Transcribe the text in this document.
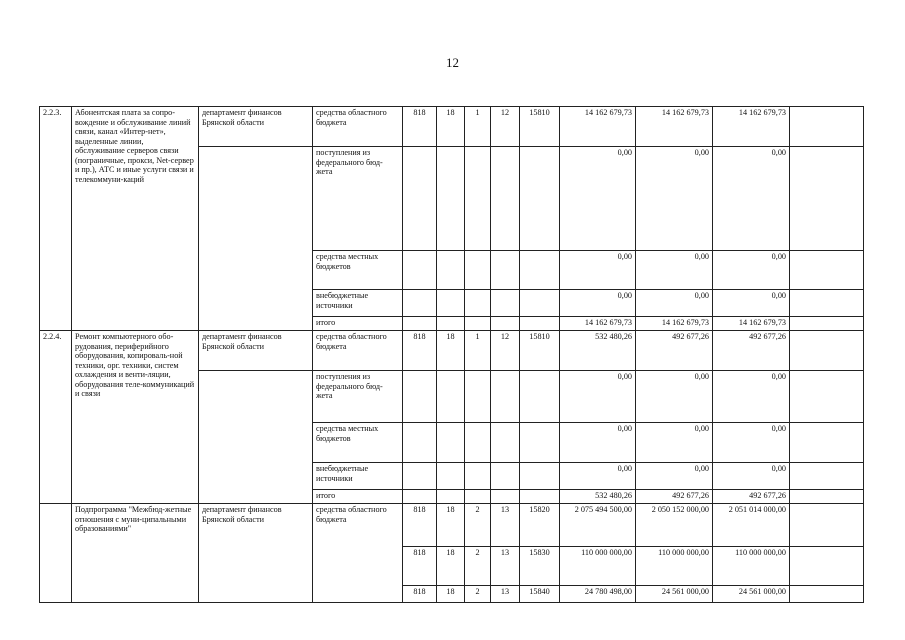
12
2.2.3.	Абонентская плата за сопро-вождение и обслуживание линий связи, канал «Интер-нет», выделенные линии, обслуживание серверов связи (пограничные, прокси, Net-сервер и пр.), АТС и иные услуги связи и телекоммуни-каций	департамент финансов Брянской области	средства областного бюджета	818	18	1	12	15810	14 162 679,73	14 162 679,73	14 162 679,73	
			поступления из федерального бюд-жета						0,00	0,00	0,00	
			средства местных бюджетов						0,00	0,00	0,00	
			внебюджетные источники						0,00	0,00	0,00	
			итого						14 162 679,73	14 162 679,73	14 162 679,73	
2.2.4.	Ремонт компьютерного обо-рудования, периферийного оборудования, копироваль-ной техники, орг. техники, систем охлаждения и венти-ляции, оборудования теле-коммуникаций и связи	департамент финансов Брянской области	средства областного бюджета	818	18	1	12	15810	532 480,26	492 677,26	492 677,26	
			поступления из федерального бюд-жета						0,00	0,00	0,00	
			средства местных бюджетов						0,00	0,00	0,00	
			внебюджетные источники						0,00	0,00	0,00	
			итого						532 480,26	492 677,26	492 677,26	
	Подпрограмма "Межбюд-жетные отношения с муни-ципальными образованиями"	департамент финансов Брянской области	средства областного бюджета	818	18	2	13	15820	2 075 494 500,00	2 050 152 000,00	2 051 014 000,00	
				818	18	2	13	15830	110 000 000,00	110 000 000,00	110 000 000,00	
				818	18	2	13	15840	24 780 498,00	24 561 000,00	24 561 000,00	
